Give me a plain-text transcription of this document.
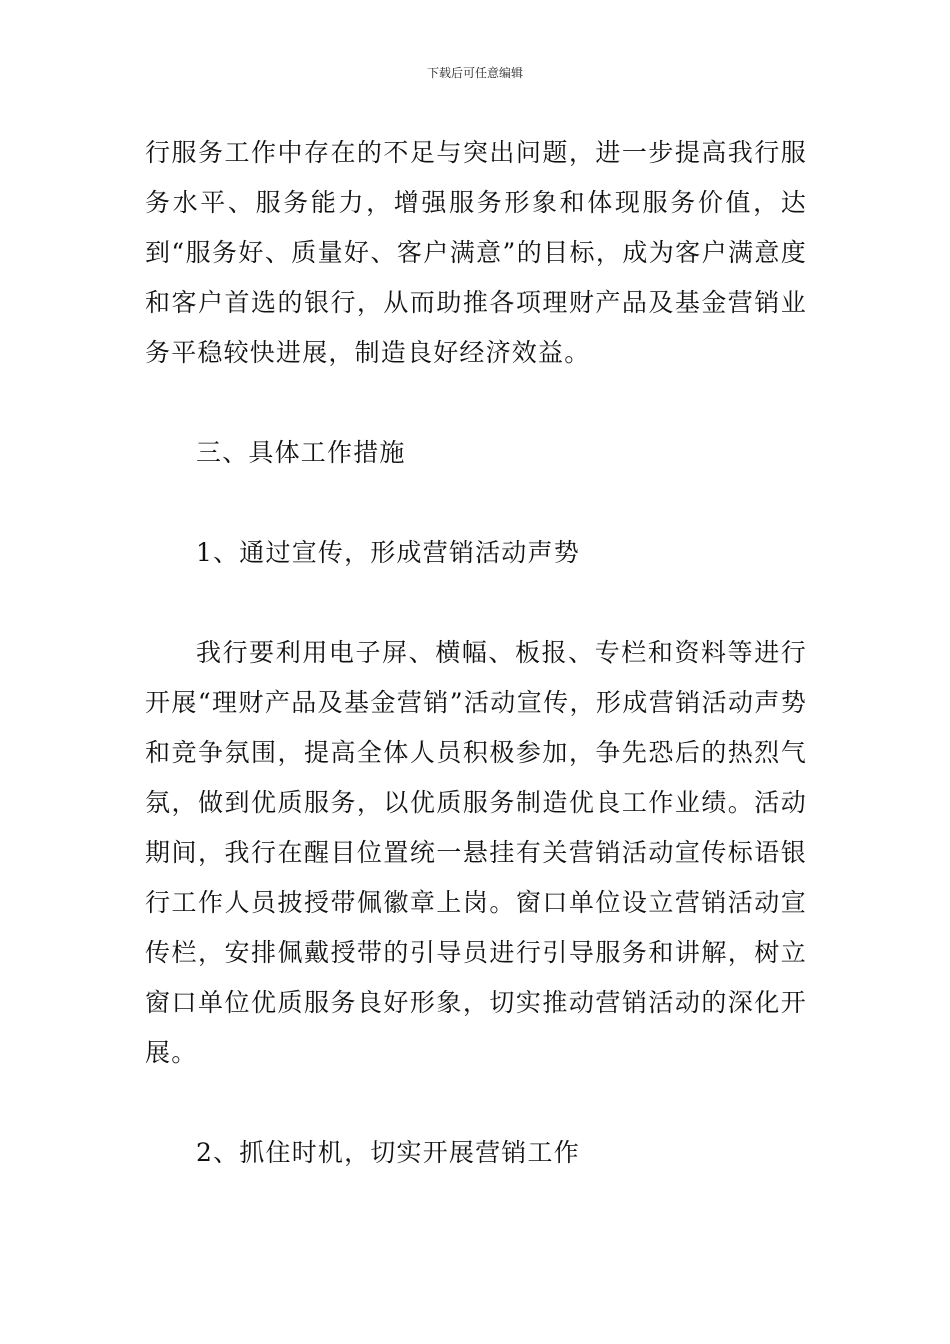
下载后可任意编辑

行服务工作中存在的不足与突出问题，进一步提高我行服务水平、服务能力，增强服务形象和体现服务价值，达到“服务好、质量好、客户满意”的目标，成为客户满意度和客户首选的银行，从而助推各项理财产品及基金营销业务平稳较快进展，制造良好经济效益。

三、具体工作措施

1、通过宣传，形成营销活动声势

我行要利用电子屏、横幅、板报、专栏和资料等进行开展“理财产品及基金营销”活动宣传，形成营销活动声势和竞争氛围，提高全体人员积极参加，争先恐后的热烈气氛，做到优质服务，以优质服务制造优良工作业绩。活动期间，我行在醒目位置统一悬挂有关营销活动宣传标语银行工作人员披授带佩徽章上岗。窗口单位设立营销活动宣传栏，安排佩戴授带的引导员进行引导服务和讲解，树立窗口单位优质服务良好形象，切实推动营销活动的深化开展。

2、抓住时机，切实开展营销工作
